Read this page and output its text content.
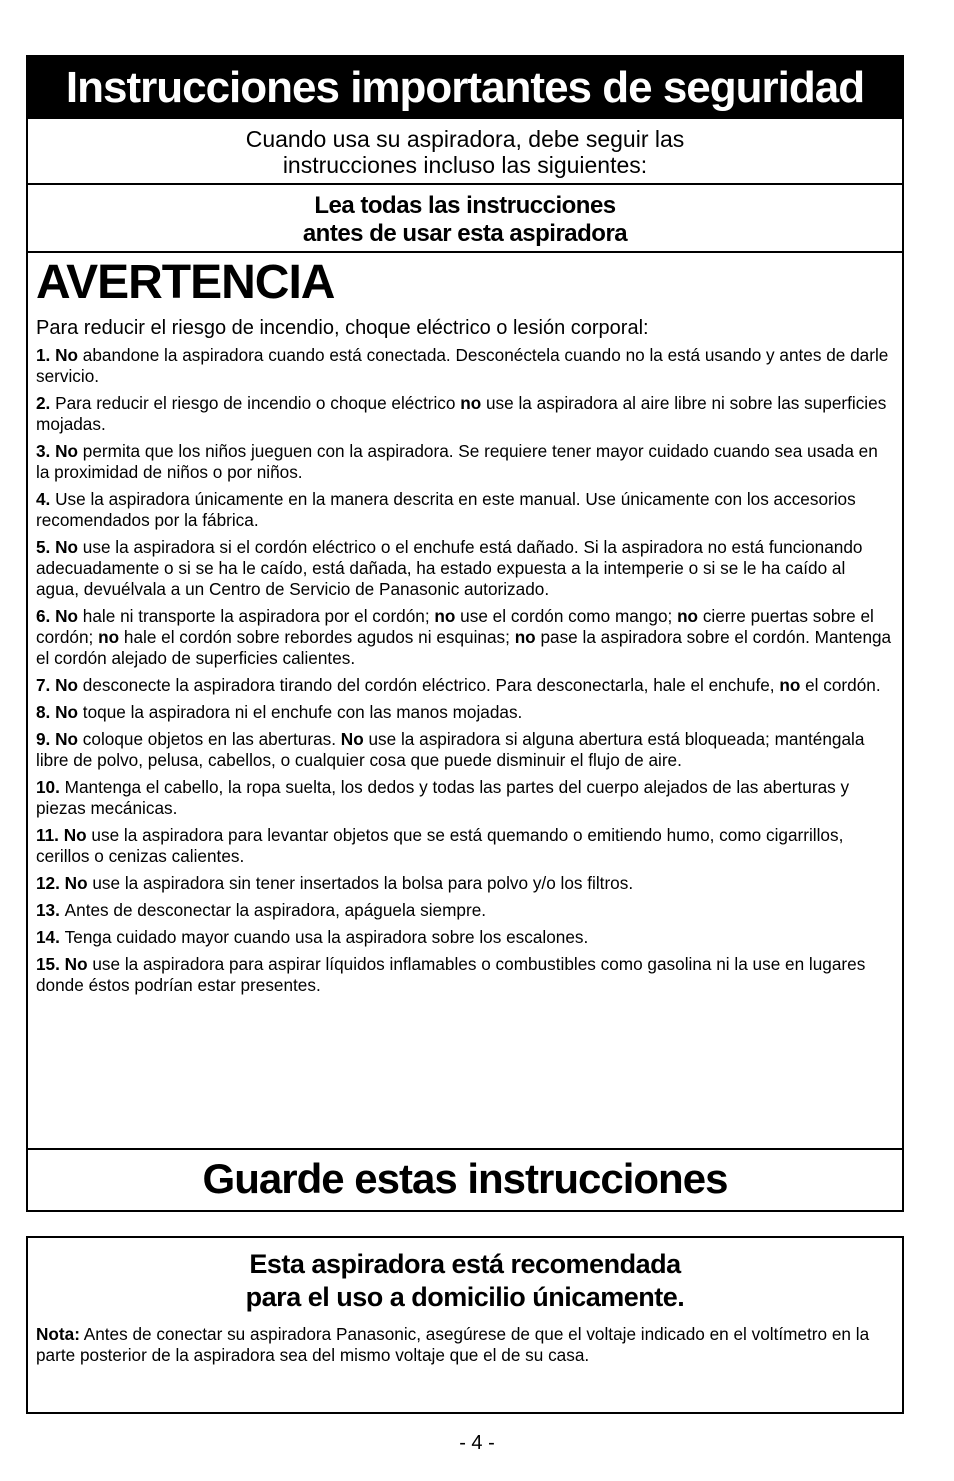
Instrucciones importantes de seguridad
Cuando usa su aspiradora, debe seguir las
instrucciones incluso las siguientes:
Lea todas las instrucciones
antes de usar esta aspiradora
AVERTENCIA
Para reducir el riesgo de incendio, choque eléctrico o lesión corporal:
1. No abandone la aspiradora cuando está conectada. Desconéctela cuando no la está usando y antes de darle servicio.
2. Para reducir el riesgo de incendio o choque eléctrico no use la aspiradora al aire libre ni sobre las superficies mojadas.
3. No permita que los niños jueguen con la aspiradora. Se requiere tener mayor cuidado cuando sea usada en la proximidad de niños o por niños.
4. Use la aspiradora únicamente en la manera descrita en este manual. Use únicamente con los accesorios recomendados por la fábrica.
5. No use la aspiradora si el cordón eléctrico o el enchufe está dañado. Si la aspiradora no está funcionando adecuadamente o si se ha le caído, está dañada, ha estado expuesta a la intemperie o si se le ha caído al agua, devuélvala a un Centro de Servicio de Panasonic autorizado.
6. No hale ni transporte la aspiradora por el cordón; no use el cordón como mango; no cierre puertas sobre el cordón; no hale el cordón sobre rebordes agudos ni esquinas; no pase la aspiradora sobre el cordón. Mantenga el cordón alejado de superficies calientes.
7. No desconecte la aspiradora tirando del cordón eléctrico. Para desconectarla, hale el enchufe, no el cordón.
8. No toque la aspiradora ni el enchufe con las manos mojadas.
9. No coloque objetos en las aberturas. No use la aspiradora si alguna abertura está bloqueada; manténgala libre de polvo, pelusa, cabellos, o cualquier cosa que puede disminuir el flujo de aire.
10. Mantenga el cabello, la ropa suelta, los dedos y todas las partes del cuerpo alejados de las aberturas y piezas mecánicas.
11. No use la aspiradora para levantar objetos que se está quemando o emitiendo humo, como cigarrillos, cerillos o cenizas calientes.
12. No use la aspiradora sin tener insertados la bolsa para polvo y/o los filtros.
13. Antes de desconectar la aspiradora, apáguela siempre.
14. Tenga cuidado mayor cuando usa la aspiradora sobre los escalones.
15. No use la aspiradora para aspirar líquidos inflamables o combustibles como gasolina ni la use en lugares donde éstos podrían estar presentes.
Guarde estas instrucciones
Esta aspiradora está recomendada
para el uso a domicilio únicamente.
Nota: Antes de conectar su aspiradora Panasonic, asegúrese de que el voltaje indicado en el voltímetro en la parte posterior de la aspiradora sea del mismo voltaje que el de su casa.
- 4 -
